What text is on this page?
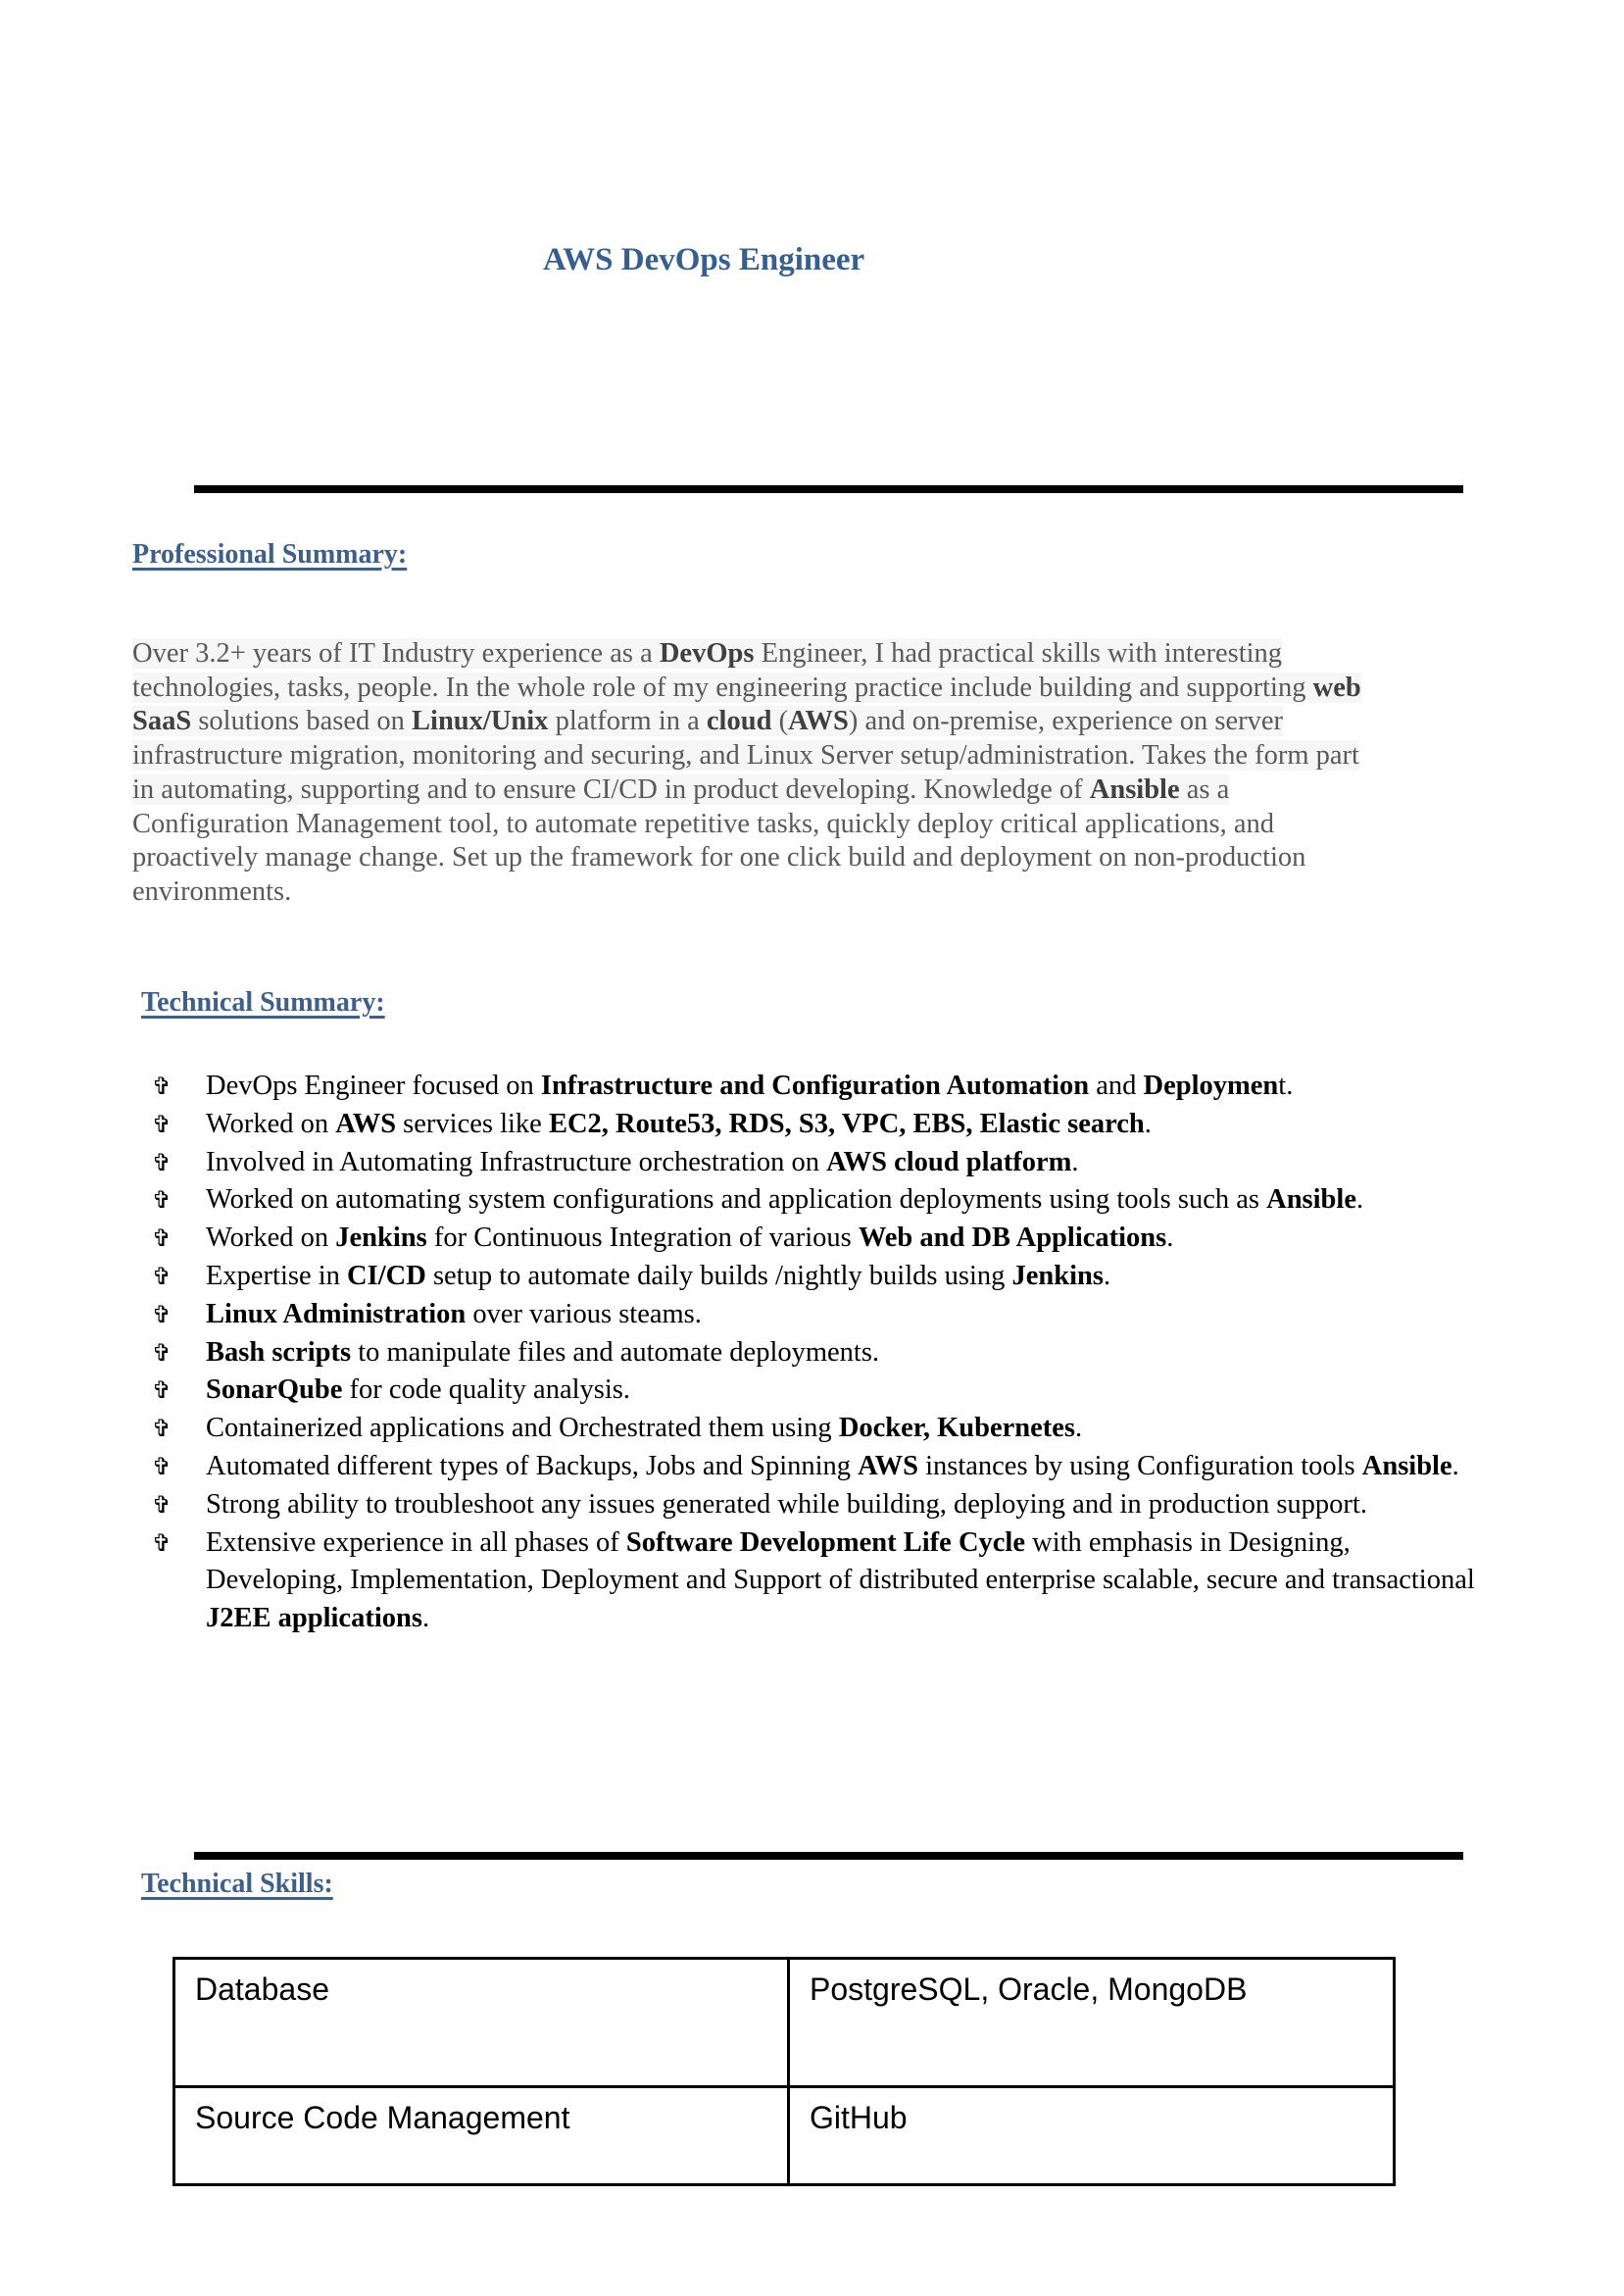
AWS DevOps Engineer
Professional Summary:
Over 3.2+ years of IT Industry experience as a DevOps Engineer, I had practical skills with interesting
technologies, tasks, people. In the whole role of my engineering practice include building and supporting web
SaaS solutions based on Linux/Unix platform in a cloud (AWS) and on-premise, experience on server
infrastructure migration, monitoring and securing, and Linux Server setup/administration. Takes the form part
in automating, supporting and to ensure CI/CD in product developing. Knowledge of Ansible as a
Configuration Management tool, to automate repetitive tasks, quickly deploy critical applications, and
proactively manage change. Set up the framework for one click build and deployment on non-production
environments.
Technical Summary:
✞ DevOps Engineer focused on Infrastructure and Configuration Automation and Deployment.
✞ Worked on AWS services like EC2, Route53, RDS, S3, VPC, EBS, Elastic search.
✞ Involved in Automating Infrastructure orchestration on AWS cloud platform.
✞ Worked on automating system configurations and application deployments using tools such as Ansible.
✞ Worked on Jenkins for Continuous Integration of various Web and DB Applications.
✞ Expertise in CI/CD setup to automate daily builds /nightly builds using Jenkins.
✞ Linux Administration over various steams.
✞ Bash scripts to manipulate files and automate deployments.
✞ SonarQube for code quality analysis.
✞ Containerized applications and Orchestrated them using Docker, Kubernetes.
✞ Automated different types of Backups, Jobs and Spinning AWS instances by using Configuration tools Ansible.
✞ Strong ability to troubleshoot any issues generated while building, deploying and in production support.
✞ Extensive experience in all phases of Software Development Life Cycle with emphasis in Designing, Developing, Implementation, Deployment and Support of distributed enterprise scalable, secure and transactional J2EE applications.
Technical Skills:
Database	PostgreSQL, Oracle, MongoDB
Source Code Management	GitHub
